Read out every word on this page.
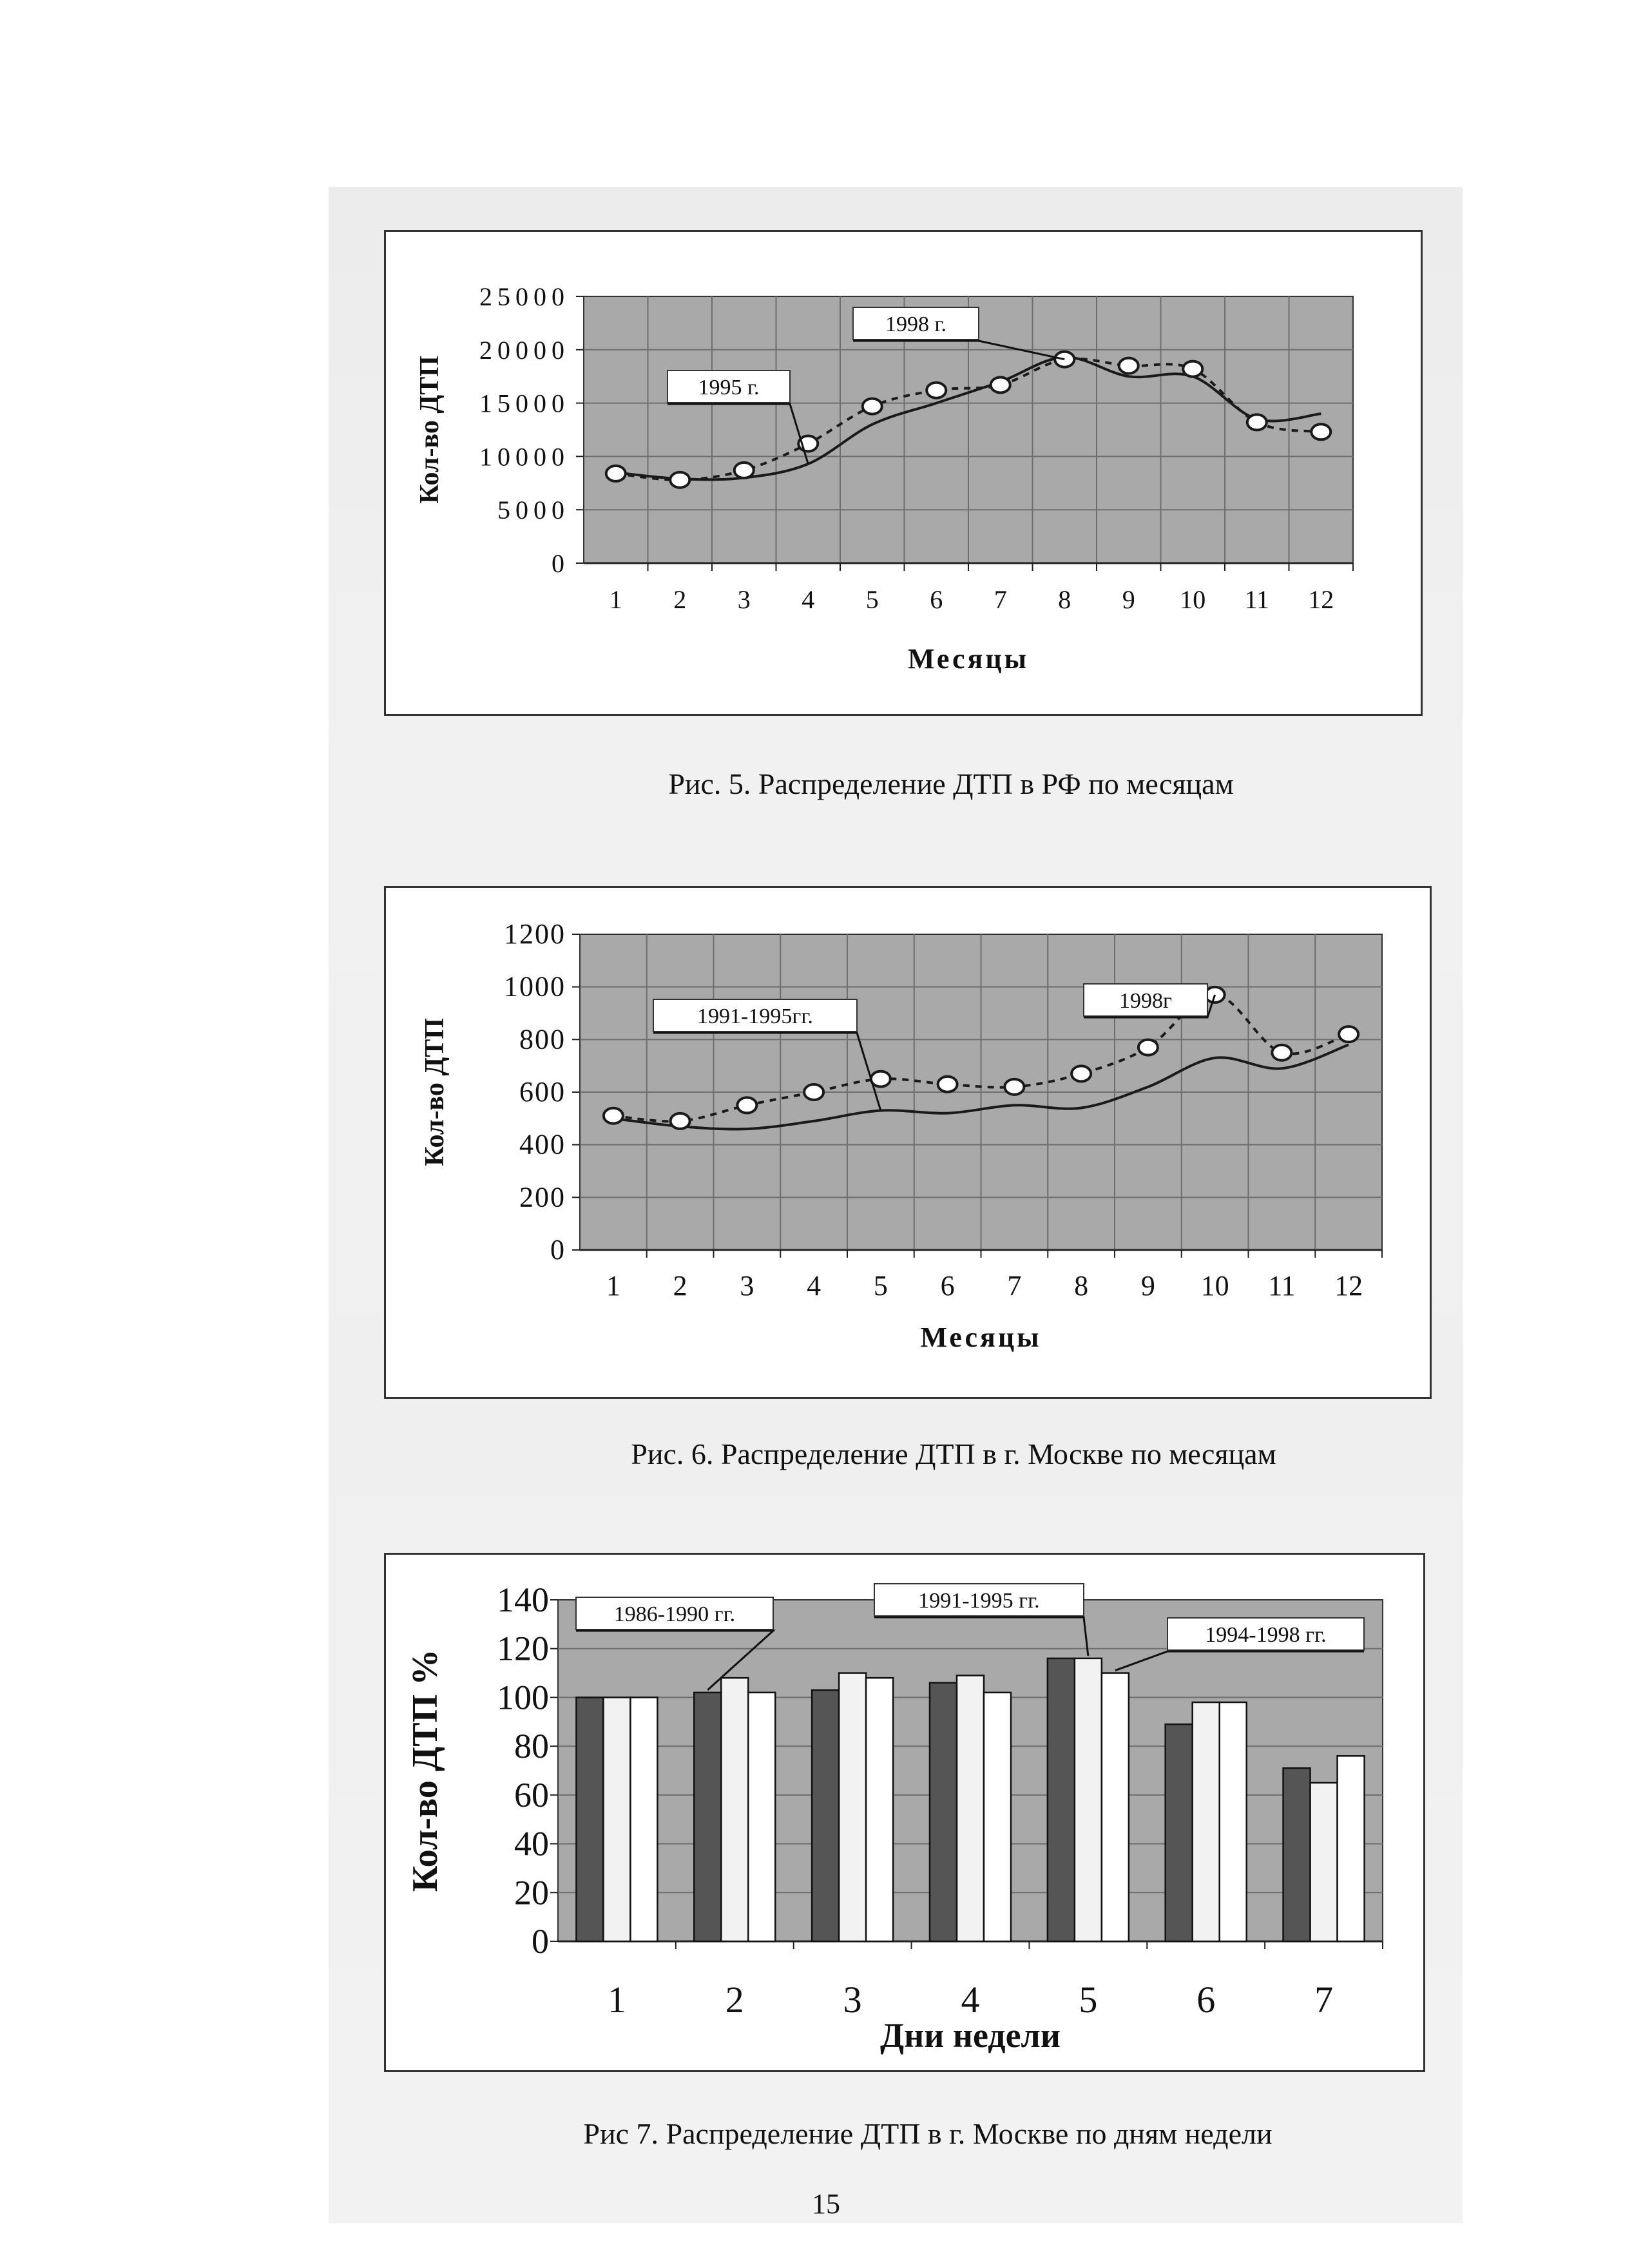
0
5000
10000
15000
20000
25000
1 2 3 4 5 6 7 8 9 10 11 12
Месяцы
Кол-во ДТП	1995 г.
1998 г.
Рис. 5. Распределение ДТП в РФ по месяцам
0
200
400
600
800
1000
1200
1 2 3 4 5 6 7 8 9 10 11 12
Месяцы
Кол-во ДТП
1991-1995гг.
1998г
Рис. 6. Распределение ДТП в г. Москве по месяцам
0
20
40
60
80
100
120
140
1	2	3	4	5	6	7
Дни недели
Кол-во ДТП %
1986-1990 гг.
1991-1995 гг.
1994-1998 гг.
Рис 7. Распределение ДТП в г. Москве по дням недели
15
